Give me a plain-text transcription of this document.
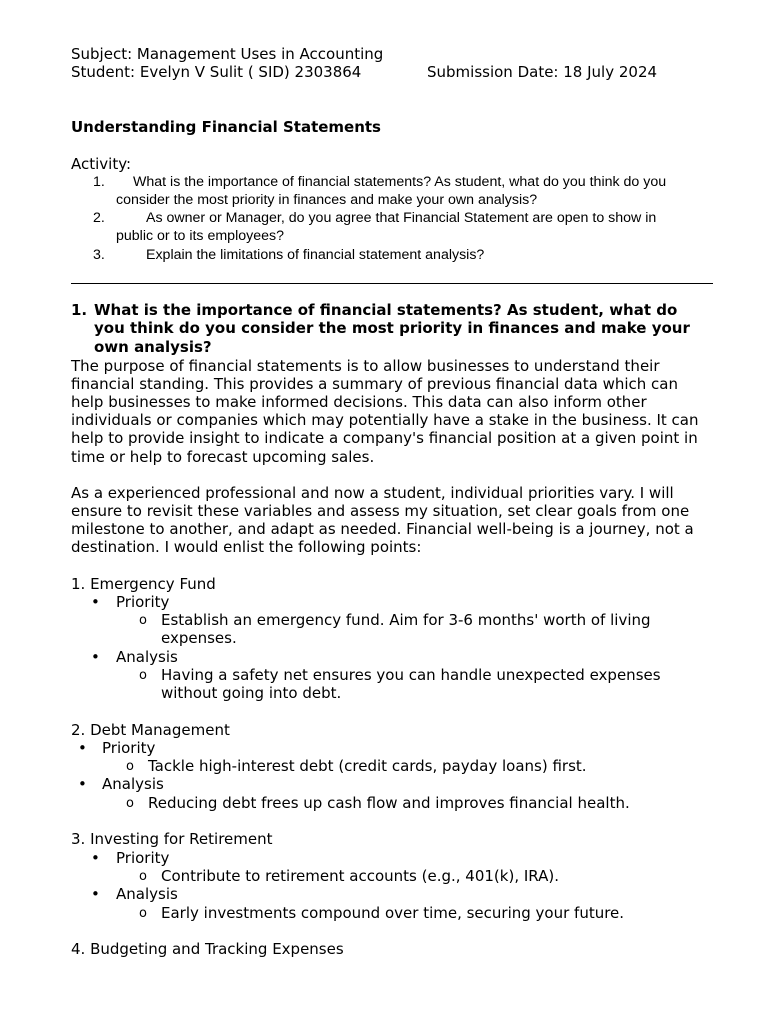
Subject: Management Uses in Accounting
Student: Evelyn V Sulit ( SID) 2303864	Submission Date: 18 July 2024
Understanding Financial Statements
Activity:
1. What is the importance of financial statements? As student, what do you think do you
consider the most priority in finances and make your own analysis?
2.	As owner or Manager, do you agree that Financial Statement are open to show in
public or to its employees?
3.	Explain the limitations of financial statement analysis?
1. What is the importance of financial statements? As student, what do you think do you consider the most priority in finances and make your own analysis?
The purpose of financial statements is to allow businesses to understand their financial standing. This provides a summary of previous financial data which can help businesses to make informed decisions. This data can also inform other individuals or companies which may potentially have a stake in the business. It can help to provide insight to indicate a company's financial position at a given point in time or help to forecast upcoming sales.
As a experienced professional and now a student, individual priorities vary. I will ensure to revisit these variables and assess my situation, set clear goals from one milestone to another, and adapt as needed. Financial well-being is a journey, not a destination. I would enlist the following points:
1. Emergency Fund
• Priority
o Establish an emergency fund. Aim for 3-6 months' worth of living expenses.
• Analysis
o Having a safety net ensures you can handle unexpected expenses without going into debt.
2. Debt Management
• Priority
o Tackle high-interest debt (credit cards, payday loans) first.
• Analysis
o Reducing debt frees up cash flow and improves financial health.
3. Investing for Retirement
• Priority
o Contribute to retirement accounts (e.g., 401(k), IRA).
• Analysis
o Early investments compound over time, securing your future.
4. Budgeting and Tracking Expenses
